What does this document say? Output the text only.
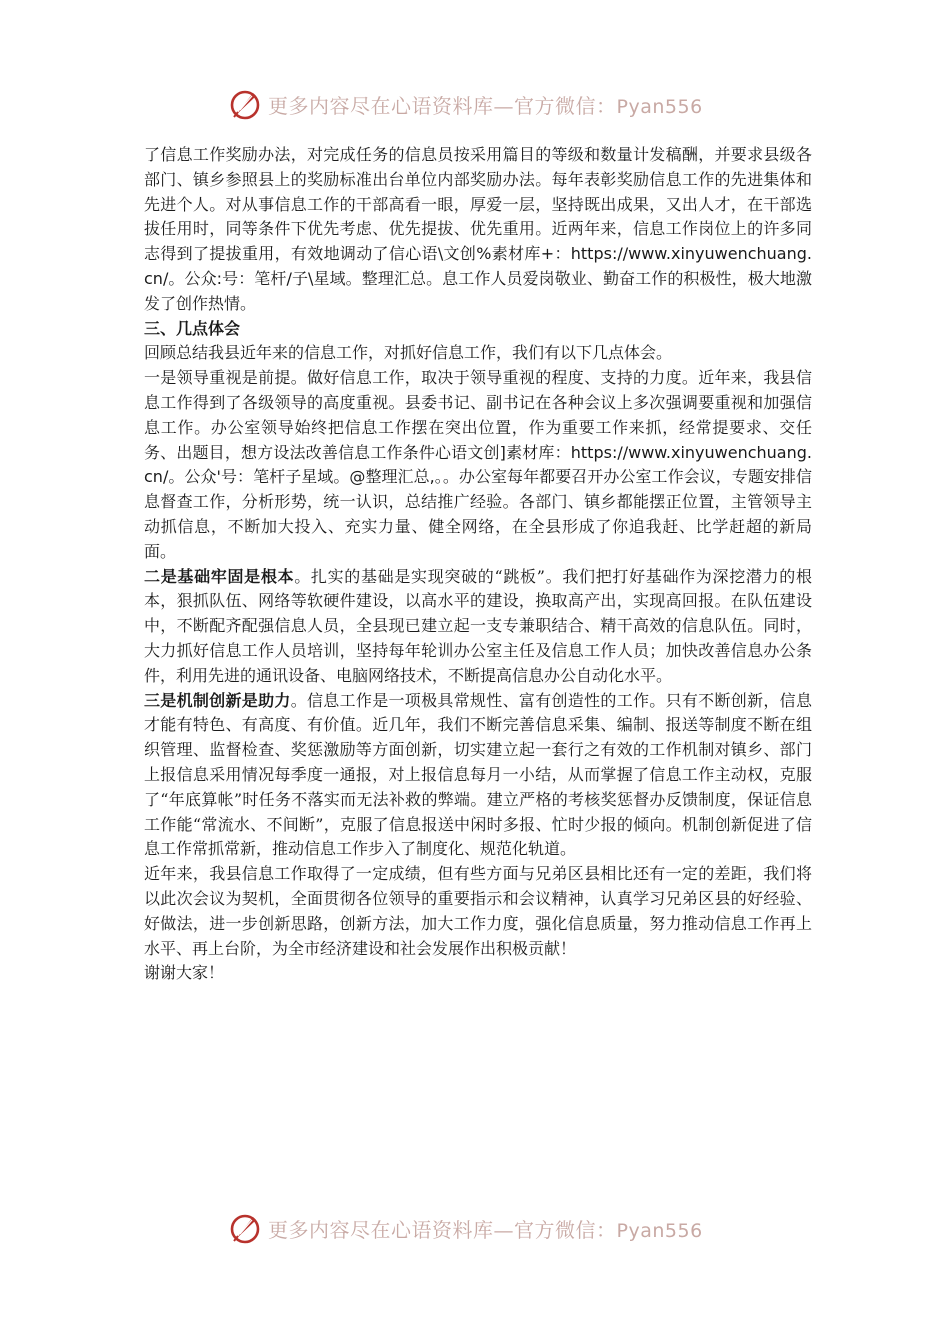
更多内容尽在心语资料库—官方微信：Pyan556

了信息工作奖励办法，对完成任务的信息员按采用篇目的等级和数量计发稿酬，并要求县级各部门、镇乡参照县上的奖励标准出台单位内部奖励办法。每年表彰奖励信息工作的先进集体和先进个人。对从事信息工作的干部高看一眼，厚爱一层，坚持既出成果，又出人才，在干部选拔任用时，同等条件下优先考虑、优先提拔、优先重用。近两年来，信息工作岗位上的许多同志得到了提拔重用，有效地调动了信心语\文创%素材库+：https://www.xinyuwenchuang.cn/。公众:号：笔杆/子\星域。整理汇总。息工作人员爱岗敬业、勤奋工作的积极性，极大地激发了创作热情。

三、几点体会

回顾总结我县近年来的信息工作，对抓好信息工作，我们有以下几点体会。

一是领导重视是前提。做好信息工作，取决于领导重视的程度、支持的力度。近年来，我县信息工作得到了各级领导的高度重视。县委书记、副书记在各种会议上多次强调要重视和加强信息工作。办公室领导始终把信息工作摆在突出位置，作为重要工作来抓，经常提要求、交任务、出题目，想方设法改善信息工作条件心语文创]素材库：https://www.xinyuwenchuang.cn/。公众'号：笔杆子星域。@整理汇总,。。办公室每年都要召开办公室工作会议，专题安排信息督查工作，分析形势，统一认识，总结推广经验。各部门、镇乡都能摆正位置，主管领导主动抓信息，不断加大投入、充实力量、健全网络，在全县形成了你追我赶、比学赶超的新局面。

二是基础牢固是根本。扎实的基础是实现突破的“跳板”。我们把打好基础作为深挖潜力的根本，狠抓队伍、网络等软硬件建设，以高水平的建设，换取高产出，实现高回报。在队伍建设中，不断配齐配强信息人员，全县现已建立起一支专兼职结合、精干高效的信息队伍。同时，大力抓好信息工作人员培训，坚持每年轮训办公室主任及信息工作人员；加快改善信息办公条件，利用先进的通讯设备、电脑网络技术，不断提高信息办公自动化水平。

三是机制创新是助力。信息工作是一项极具常规性、富有创造性的工作。只有不断创新，信息才能有特色、有高度、有价值。近几年，我们不断完善信息采集、编制、报送等制度不断在组织管理、监督检查、奖惩激励等方面创新，切实建立起一套行之有效的工作机制对镇乡、部门上报信息采用情况每季度一通报，对上报信息每月一小结，从而掌握了信息工作主动权，克服了“年底算帐”时任务不落实而无法补救的弊端。建立严格的考核奖惩督办反馈制度，保证信息工作能“常流水、不间断”，克服了信息报送中闲时多报、忙时少报的倾向。机制创新促进了信息工作常抓常新，推动信息工作步入了制度化、规范化轨道。

近年来，我县信息工作取得了一定成绩，但有些方面与兄弟区县相比还有一定的差距，我们将以此次会议为契机，全面贯彻各位领导的重要指示和会议精神，认真学习兄弟区县的好经验、好做法，进一步创新思路，创新方法，加大工作力度，强化信息质量，努力推动信息工作再上水平、再上台阶，为全市经济建设和社会发展作出积极贡献！

谢谢大家！

更多内容尽在心语资料库—官方微信：Pyan556
